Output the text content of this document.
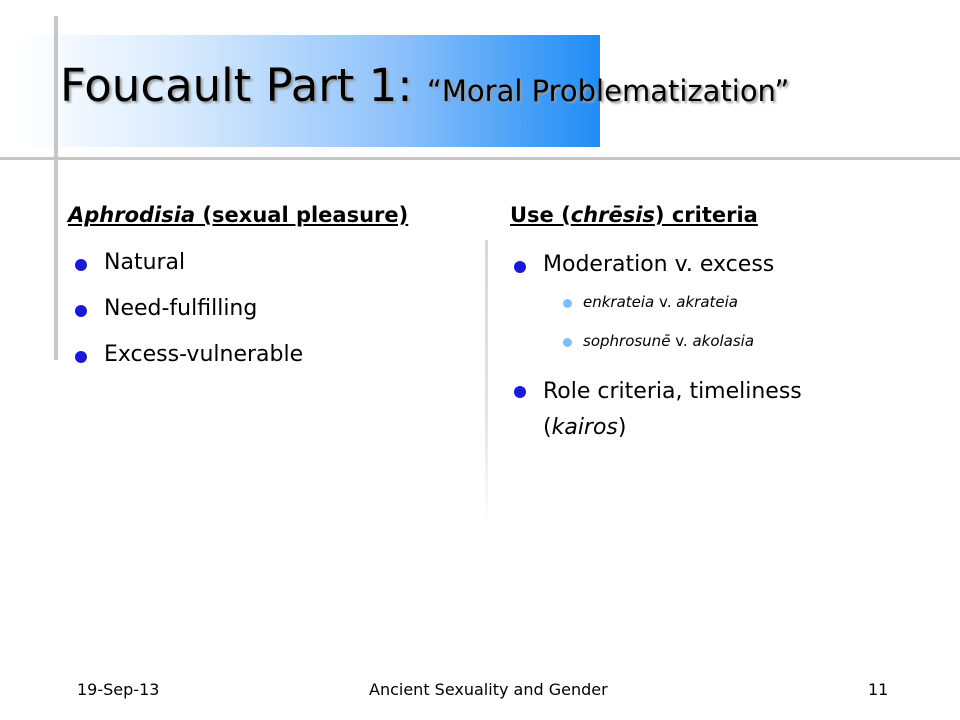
Foucault Part 1: “Moral Problematization”
Aphrodisia (sexual pleasure)
Natural
Need-fulfilling
Excess-vulnerable
Use (chrēsis) criteria
Moderation v. excess
enkrateia v. akrateia
sophrosunē v. akolasia
Role criteria, timeliness
(kairos)
19-Sep-13	Ancient Sexuality and Gender	11
